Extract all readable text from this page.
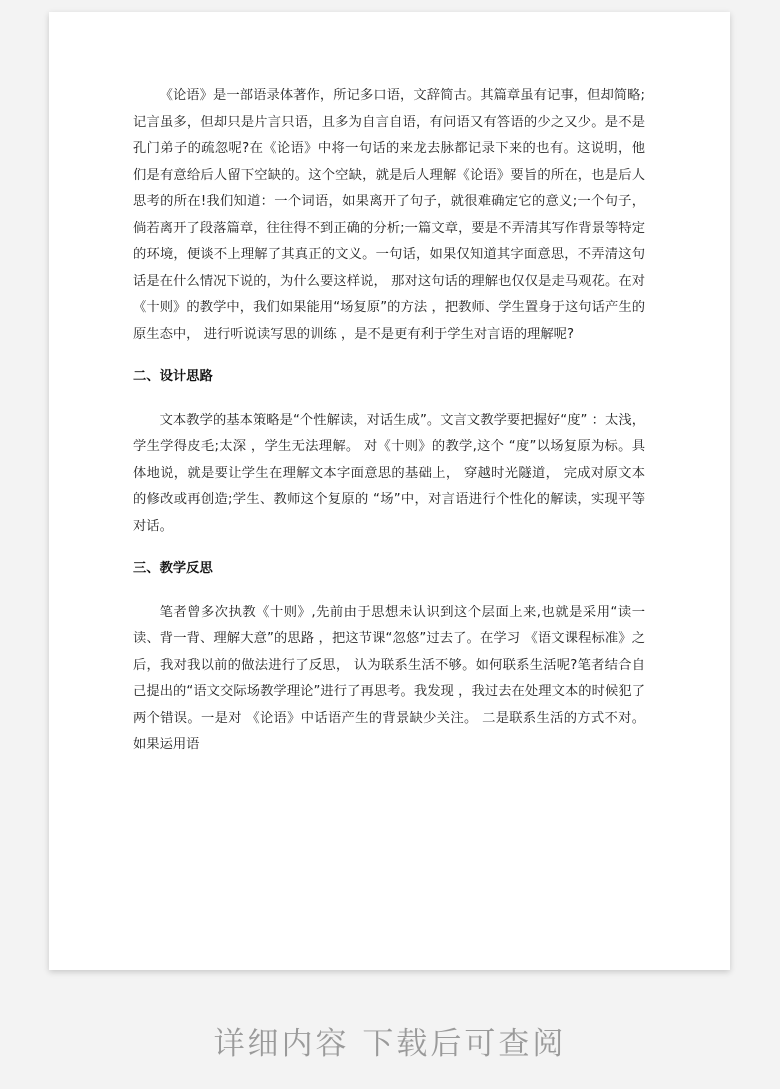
《论语》是一部语录体著作，所记多口语，文辞简古。其篇章虽有记事，但却简略;记言虽多，但却只是片言只语，且多为自言自语，有问语又有答语的少之又少。是不是孔门弟子的疏忽呢?在《论语》中将一句话的来龙去脉都记录下来的也有。这说明，他们是有意给后人留下空缺的。这个空缺，就是后人理解《论语》要旨的所在，也是后人思考的所在!我们知道：一个词语，如果离开了句子，就很难确定它的意义;一个句子，倘若离开了段落篇章，往往得不到正确的分析;一篇文章，要是不弄清其写作背景等特定的环境，便谈不上理解了其真正的文义。一句话，如果仅知道其字面意思，不弄清这句话是在什么情况下说的，为什么要这样说， 那对这句话的理解也仅仅是走马观花。在对《十则》的教学中，我们如果能用“场复原”的方法 ，把教师、学生置身于这句话产生的原生态中， 进行听说读写思的训练 ，是不是更有利于学生对言语的理解呢?

二、设计思路

文本教学的基本策略是“个性解读，对话生成”。文言文教学要把握好“度” ：太浅，学生学得皮毛;太深 ，学生无法理解。 对《十则》的教学,这个 “度”以场复原为标。具体地说，就是要让学生在理解文本字面意思的基础上， 穿越时光隧道， 完成对原文本的修改或再创造;学生、教师这个复原的 “场”中，对言语进行个性化的解读，实现平等对话。

三、教学反思

笔者曾多次执教《十则》,先前由于思想未认识到这个层面上来,也就是采用“读一读、背一背、理解大意”的思路 ，把这节课“忽悠”过去了。在学习 《语文课程标准》之后，我对我以前的做法进行了反思， 认为联系生活不够。如何联系生活呢?笔者结合自己提出的“语文交际场教学理论”进行了再思考。我发现 ，我过去在处理文本的时候犯了两个错误。一是对 《论语》中话语产生的背景缺少关注。 二是联系生活的方式不对。如果运用语

详细内容 下载后可查阅
